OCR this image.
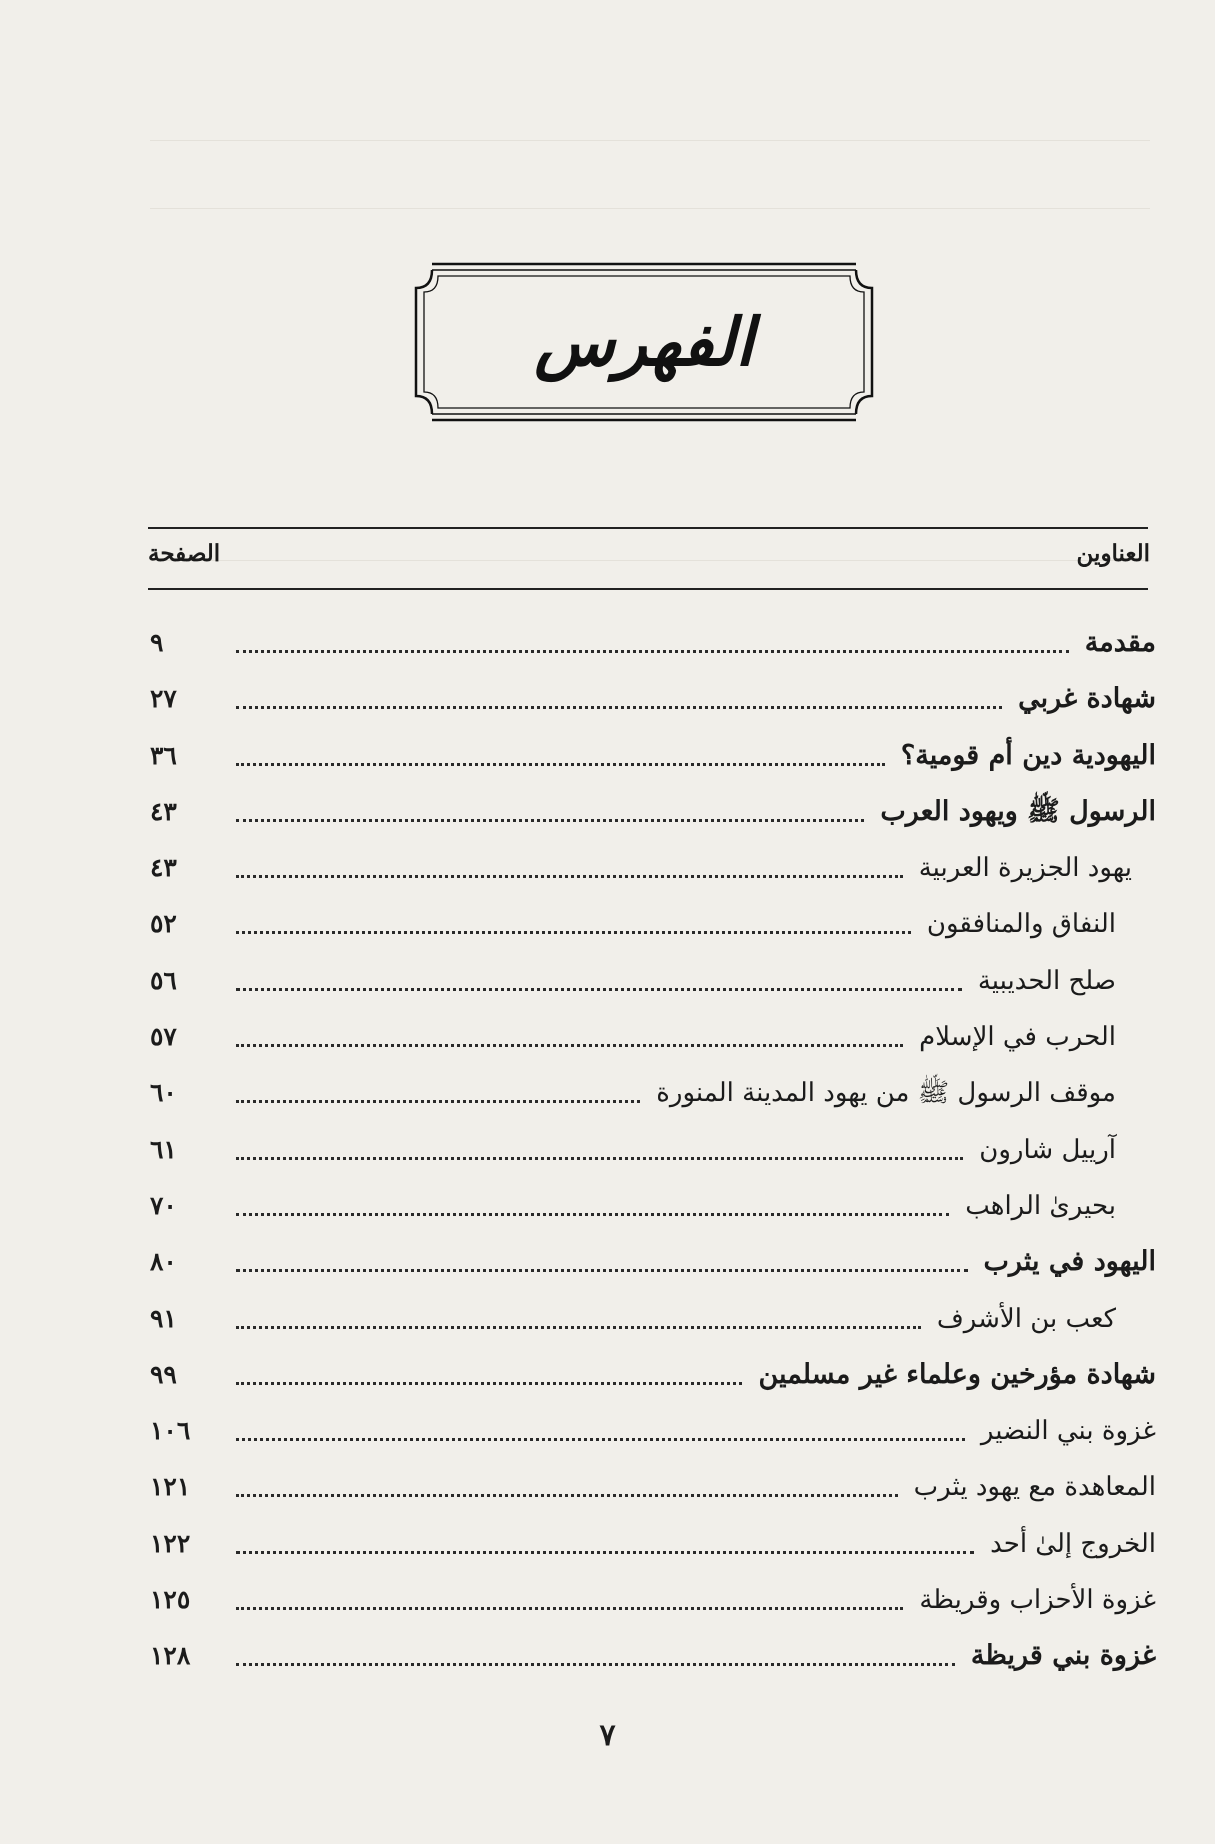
الفهرس
العناوين
الصفحة
مقدمة
٩
شهادة غربي
٢٧
اليهودية دين أم قومية؟
٣٦
الرسول ﷺ ويهود العرب
٤٣
يهود الجزيرة العربية
٤٣
النفاق والمنافقون
٥٢
صلح الحديبية
٥٦
الحرب في الإسلام
٥٧
موقف الرسول ﷺ من يهود المدينة المنورة
٦٠
آرييل شارون
٦١
بحيرىٰ الراهب
٧٠
اليهود في يثرب
٨٠
كعب بن الأشرف
٩١
شهادة مؤرخين وعلماء غير مسلمين
٩٩
غزوة بني النضير
١٠٦
المعاهدة مع يهود يثرب
١٢١
الخروج إلىٰ أحد
١٢٢
غزوة الأحزاب وقريظة
١٢٥
غزوة بني قريظة
١٢٨
٧
